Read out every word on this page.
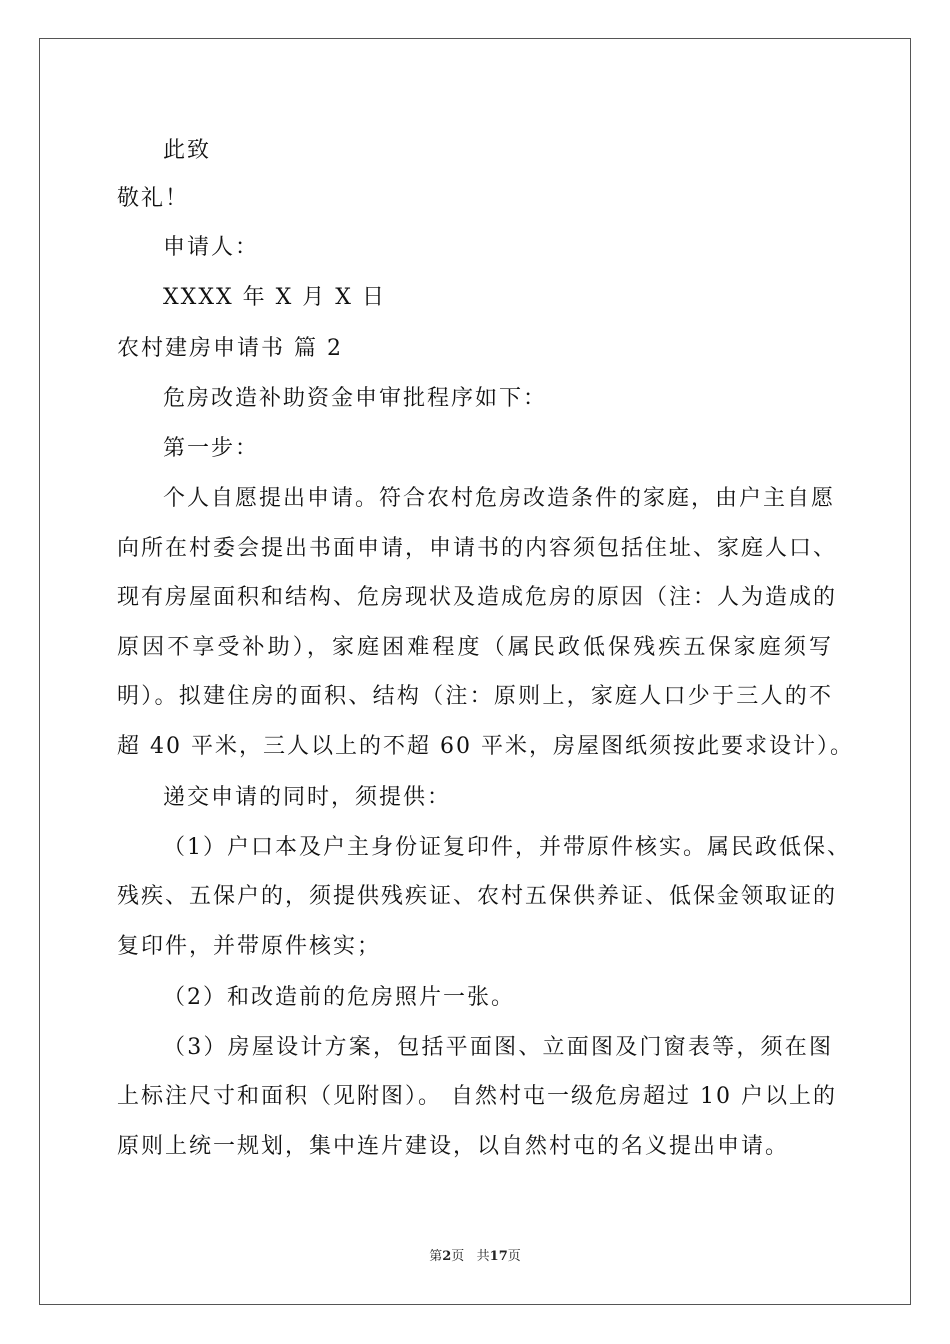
此致
敬礼！
申请人：
XXXX 年 X 月 X 日
农村建房申请书 篇 2
危房改造补助资金申审批程序如下：
第一步：
个人自愿提出申请。符合农村危房改造条件的家庭，由户主自愿
向所在村委会提出书面申请，申请书的内容须包括住址、家庭人口、
现有房屋面积和结构、危房现状及造成危房的原因（注：人为造成的
原因不享受补助），家庭困难程度（属民政低保残疾五保家庭须写
明）。拟建住房的面积、结构（注：原则上，家庭人口少于三人的不
超 40 平米，三人以上的不超 60 平米，房屋图纸须按此要求设计）。
递交申请的同时，须提供：
（1）户口本及户主身份证复印件，并带原件核实。属民政低保、
残疾、五保户的，须提供残疾证、农村五保供养证、低保金领取证的
复印件，并带原件核实；
（2）和改造前的危房照片一张。
（3）房屋设计方案，包括平面图、立面图及门窗表等，须在图
上标注尺寸和面积（见附图）。 自然村屯一级危房超过 10 户以上的
原则上统一规划，集中连片建设，以自然村屯的名义提出申请。
第2页   共17页
